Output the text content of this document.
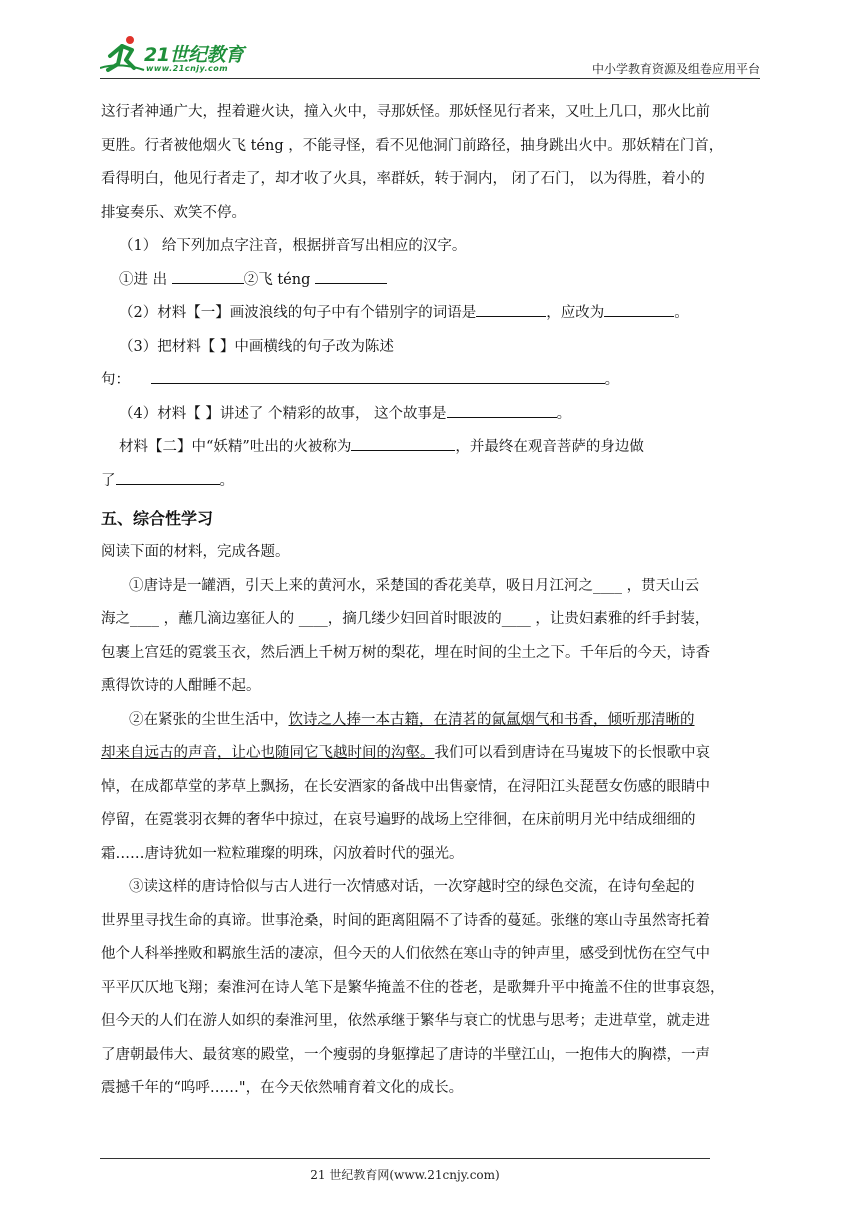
21世纪教育
www.21cnjy.com	中小学教育资源及组卷应用平台

这行者神通广大，捏着避火诀，撞入火中，寻那妖怪。那妖怪见行者来，又吐上几口，那火比前

更胜。行者被他烟火飞 téng ，不能寻怪，看不见他洞门前路径，抽身跳出火中。那妖精在门首，

看得明白，他见行者走了，却才收了火具，率群妖，转于洞内， 闭了石门， 以为得胜，着小的

排宴奏乐、欢笑不停。

（1） 给下列加点字注音，根据拼音写出相应的汉字。

①进 出	②飞 téng

（2）材料【一】画波浪线的句子中有个错别字的词语是	，应改为	。

（3）把材料【 】中画横线的句子改为陈述

句：	。

（4）材料【 】讲述了 个精彩的故事， 这个故事是	。

材料【二】中“妖精”吐出的火被称为	，并最终在观音菩萨的身边做

了	。

五、综合性学习

阅读下面的材料，完成各题。

①唐诗是一罐酒，引天上来的黄河水，采楚国的香花美草，吸日月江河之____ ，贯天山云

海之____ ，蘸几滴边塞征人的 ____，摘几缕少妇回首时眼波的____ ，让贵妇素雅的纤手封装，

包裹上宫廷的霓裳玉衣，然后洒上千树万树的梨花，埋在时间的尘土之下。千年后的今天，诗香

熏得饮诗的人酣睡不起。

②在紧张的尘世生活中，饮诗之人捧一本古籍，在清茗的氤氲烟气和书香，倾听那清晰的

却来自远古的声音，让心也随同它飞越时间的沟壑。我们可以看到唐诗在马嵬坡下的长恨歌中哀

悼，在成都草堂的茅草上飘扬，在长安酒家的备战中出售豪情，在浔阳江头琵琶女伤感的眼睛中

停留，在霓裳羽衣舞的奢华中掠过，在哀号遍野的战场上空徘徊，在床前明月光中结成细细的

霜……唐诗犹如一粒粒璀璨的明珠，闪放着时代的强光。

③读这样的唐诗恰似与古人进行一次情感对话，一次穿越时空的绿色交流，在诗句垒起的

世界里寻找生命的真谛。世事沧桑，时间的距离阻隔不了诗香的蔓延。张继的寒山寺虽然寄托着

他个人科举挫败和羁旅生活的凄凉，但今天的人们依然在寒山寺的钟声里，感受到忧伤在空气中

平平仄仄地飞翔；秦淮河在诗人笔下是繁华掩盖不住的苍老，是歌舞升平中掩盖不住的世事哀怨，

但今天的人们在游人如织的秦淮河里，依然承继于繁华与衰亡的忧患与思考；走进草堂，就走进

了唐朝最伟大、最贫寒的殿堂，一个瘦弱的身躯撑起了唐诗的半壁江山，一抱伟大的胸襟，一声

震撼千年的“呜呼……"，在今天依然哺育着文化的成长。

21 世纪教育网(www.21cnjy.com)
